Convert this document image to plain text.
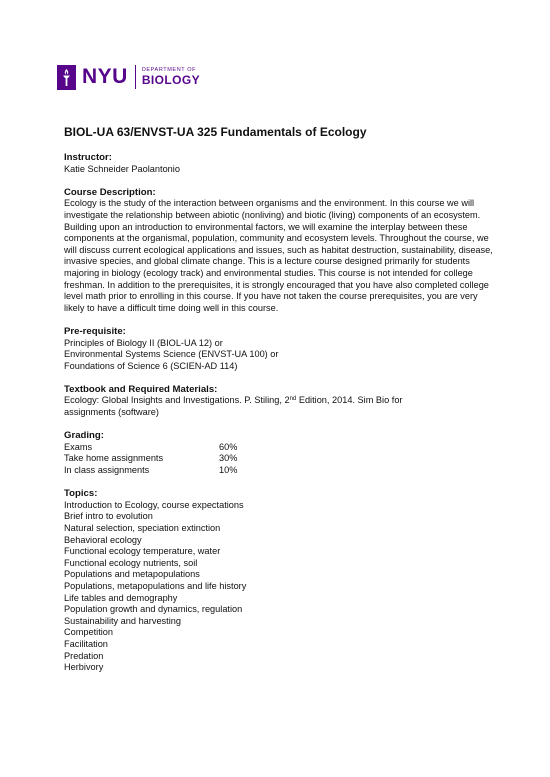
NYU	DEPARTMENT OF
BIOLOGY
BIOL-UA 63/ENVST-UA 325 Fundamentals of Ecology

Instructor:

Katie Schneider Paolantonio

Course Description:

Ecology is the study of the interaction between organisms and the environment. In this course we will investigate the relationship between abiotic (nonliving) and biotic (living) components of an ecosystem. Building upon an introduction to environmental factors, we will examine the interplay between these components at the organismal, population, community and ecosystem levels. Throughout the course, we will discuss current ecological applications and issues, such as habitat destruction, sustainability, disease, invasive species, and global climate change. This is a lecture course designed primarily for students majoring in biology (ecology track) and environmental studies. This course is not intended for college freshman. In addition to the prerequisites, it is strongly encouraged that you have also completed college level math prior to enrolling in this course. If you have not taken the course prerequisites, you are very likely to have a difficult time doing well in this course.

Pre-requisite:

Principles of Biology II (BIOL-UA 12) or
Environmental Systems Science (ENVST-UA 100) or
Foundations of Science 6 (SCIEN-AD 114)

Textbook and Required Materials:

Ecology: Global Insights and Investigations. P. Stiling, 2nd Edition, 2014. Sim Bio for
assignments (software)

Grading:

Exams	60%
Take home assignments	30%
In class assignments	10%

Topics:

Introduction to Ecology, course expectations
Brief intro to evolution
Natural selection, speciation extinction
Behavioral ecology
Functional ecology temperature, water
Functional ecology nutrients, soil
Populations and metapopulations
Populations, metapopulations and life history
Life tables and demography
Population growth and dynamics, regulation
Sustainability and harvesting
Competition
Facilitation
Predation
Herbivory
